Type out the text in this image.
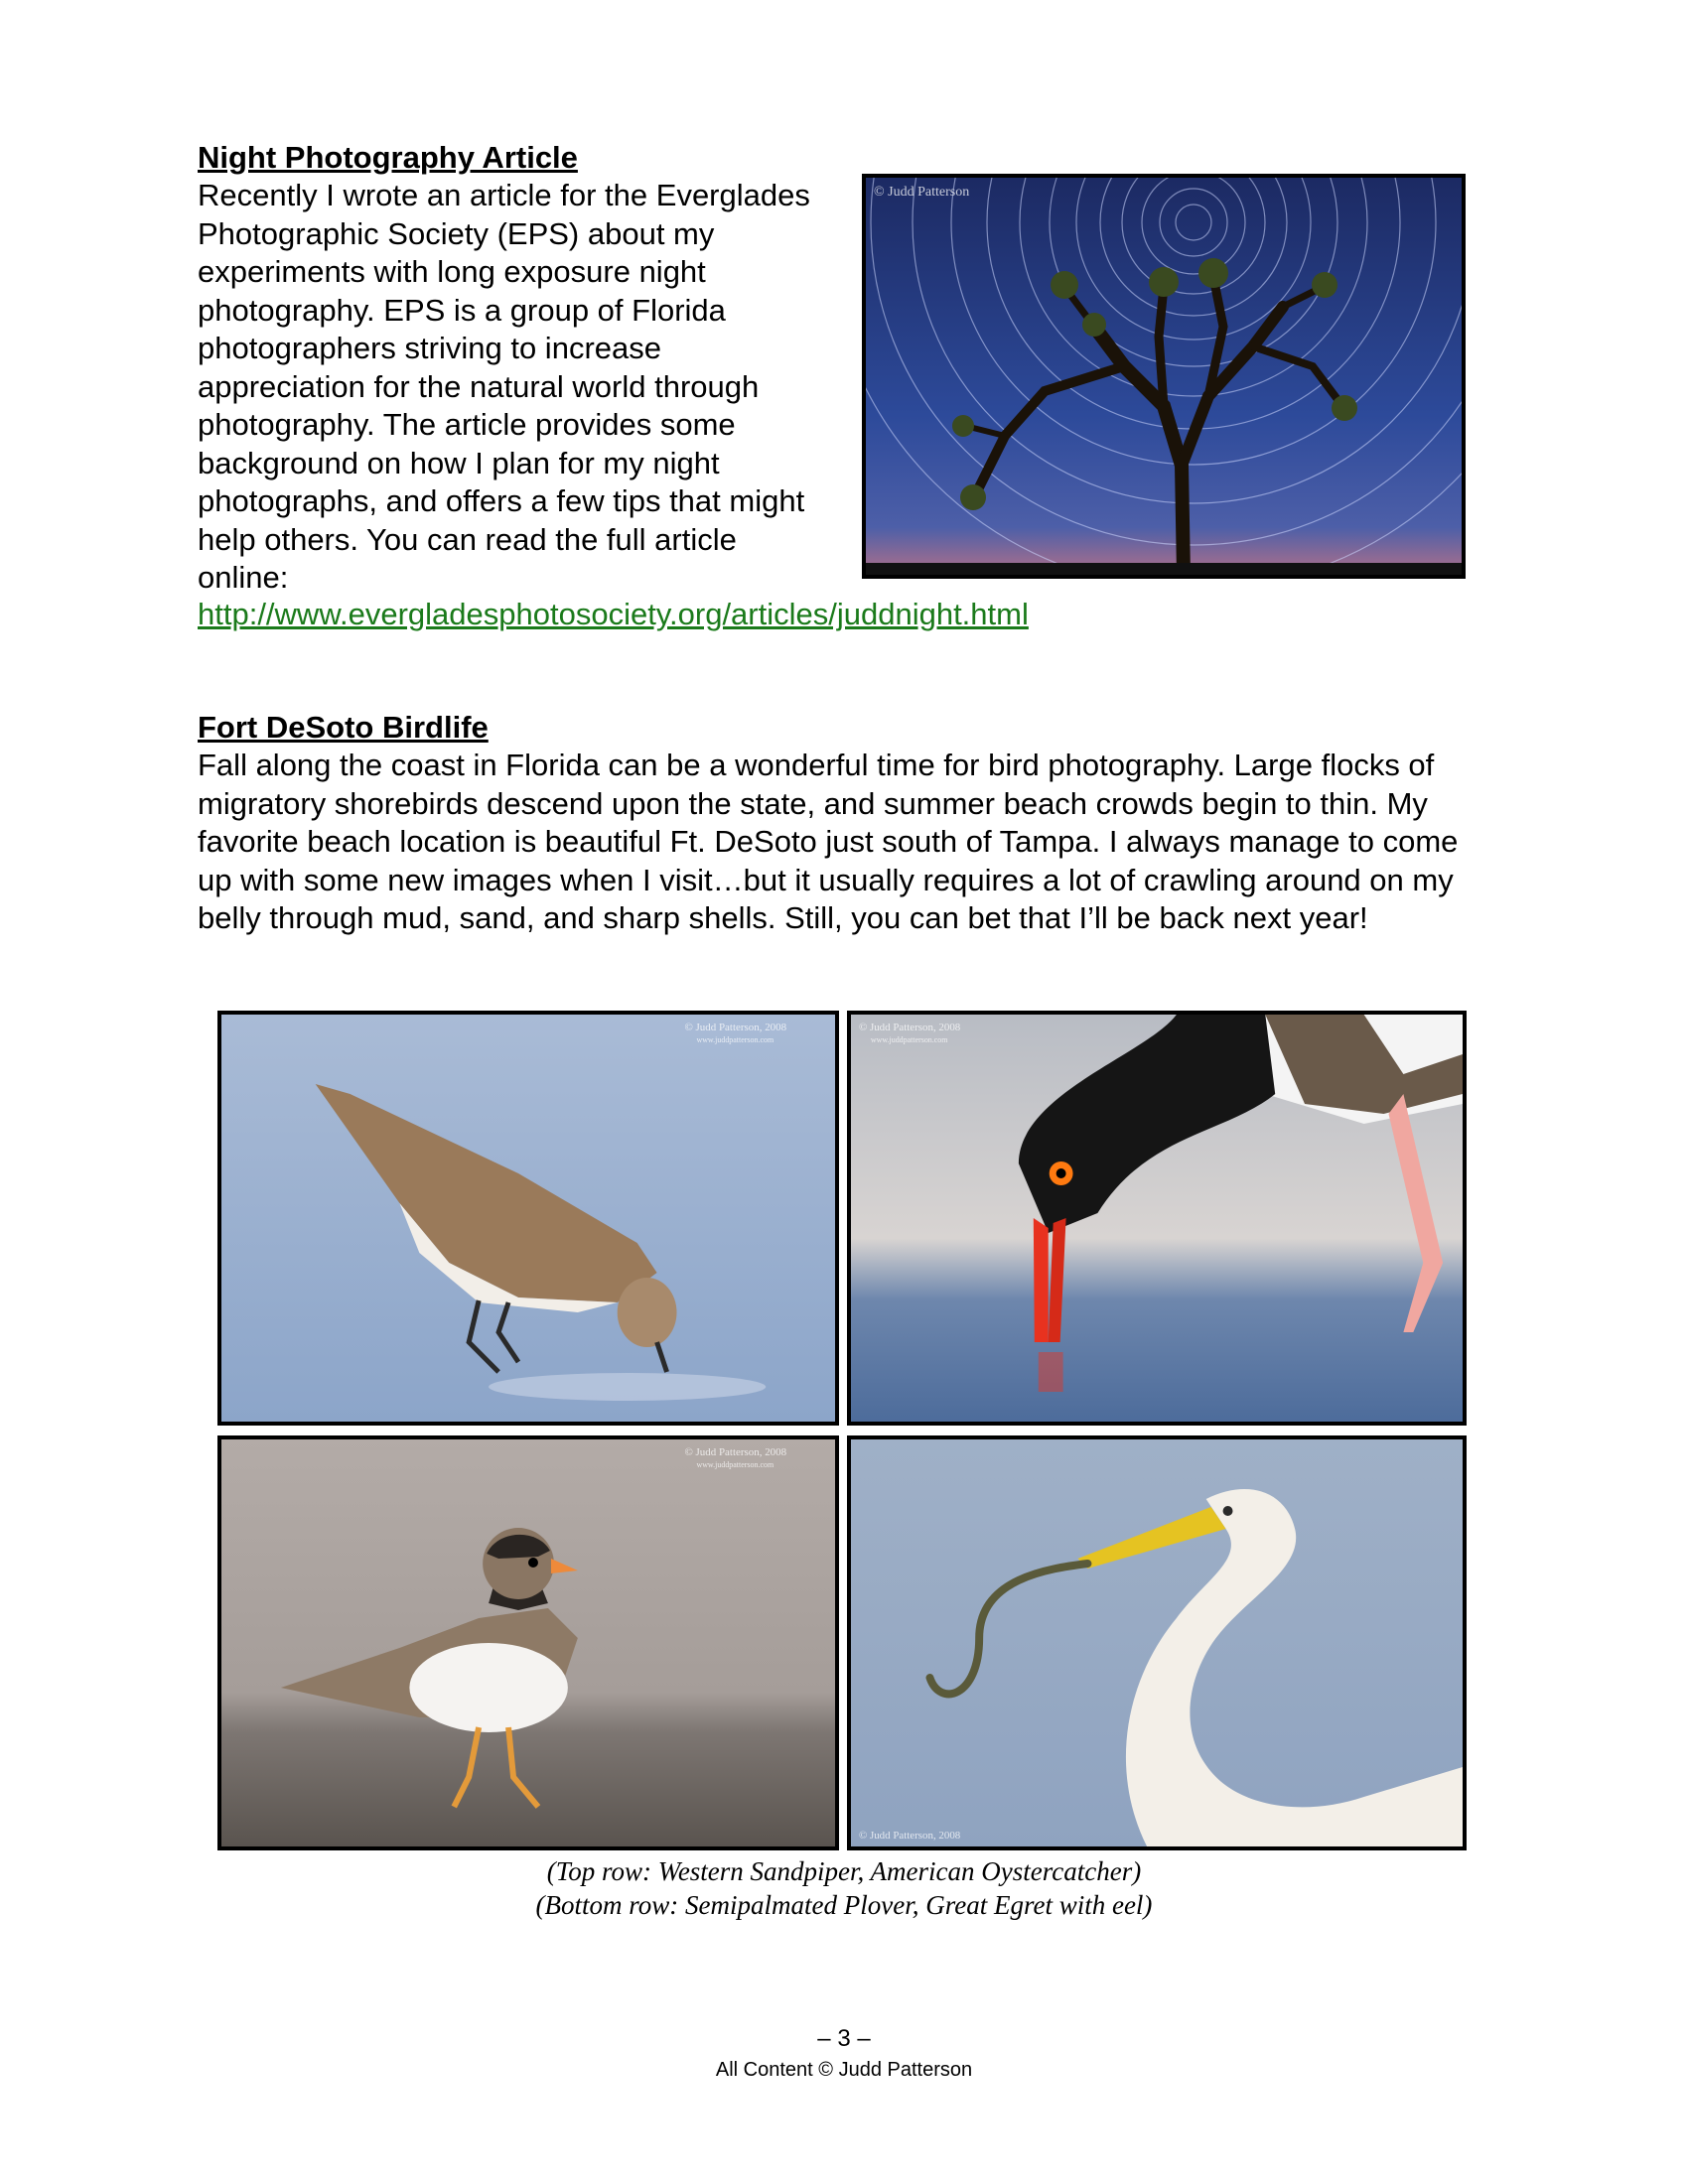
Night Photography Article

Recently I wrote an article for the Everglades Photographic Society (EPS) about my experiments with long exposure night photography. EPS is a group of Florida photographers striving to increase appreciation for the natural world through photography. The article provides some background on how I plan for my night photographs, and offers a few tips that might help others. You can read the full article online:

http://www.evergladesphotosociety.org/articles/juddnight.html
© Judd Patterson
Fort DeSoto Birdlife

Fall along the coast in Florida can be a wonderful time for bird photography. Large flocks of migratory shorebirds descend upon the state, and summer beach crowds begin to thin. My favorite beach location is beautiful Ft. DeSoto just south of Tampa. I always manage to come up with some new images when I visit…but it usually requires a lot of crawling around on my belly through mud, sand, and sharp shells. Still, you can bet that I’ll be back next year!

© Judd Patterson, 2008
www.juddpatterson.com
© Judd Patterson, 2008
www.juddpatterson.com
© Judd Patterson, 2008
www.juddpatterson.com
© Judd Patterson, 2008
(Top row: Western Sandpiper, American Oystercatcher)
(Bottom row: Semipalmated Plover, Great Egret with eel)
– 3 –
All Content © Judd Patterson
